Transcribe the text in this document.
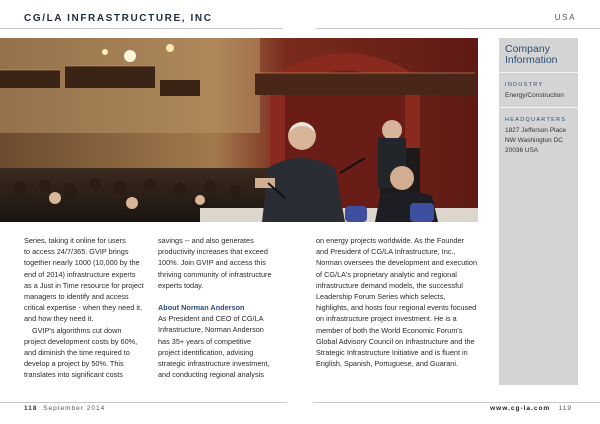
CG/LA INFRASTRUCTURE, INC	USA
Company
Information
INDUSTRY
Energy/Construction
HEADQUARTERS
1827 Jefferson Place
NW Washington DC
20036 USA

Series, taking it online for users

to access 24/7/365. GVIP brings

together nearly 1000 (10,000 by the

end of 2014) infrastructure experts

as a Just in Time resource for project

managers to identify and access

critical expertise - when they need it,

and how they need it.

GVIP's algorithms cut down

project development costs by 60%,

and diminish the time required to

develop a project by 50%. This

translates into significant costs

savings -- and also generates

productivity increases that exceed

100%. Join GVIP and access this

thriving community of infrastructure

experts today.

About Norman Anderson

As President and CEO of CG/LA

Infrastructure, Norman Anderson

has 35+ years of competitive

project identification, advising

strategic infrastructure investment,

and conducting regional analysis

on energy projects worldwide. As the Founder

and President of CG/LA Infrastructure, Inc.,

Norman oversees the development and execution

of CG/LA's proprietary analytic and regional

infrastructure demand models, the successful

Leadership Forum Series which selects,

highlights, and hosts four regional events focused

on infrastructure project investment. He is a

member of both the World Economic Forum's

Global Advisory Council on Infrastructure and the

Strategic Infrastructure Initiative and is fluent in

English, Spanish, Portuguese, and Guarani.

118 September 2014	www.cg-la.com 119
